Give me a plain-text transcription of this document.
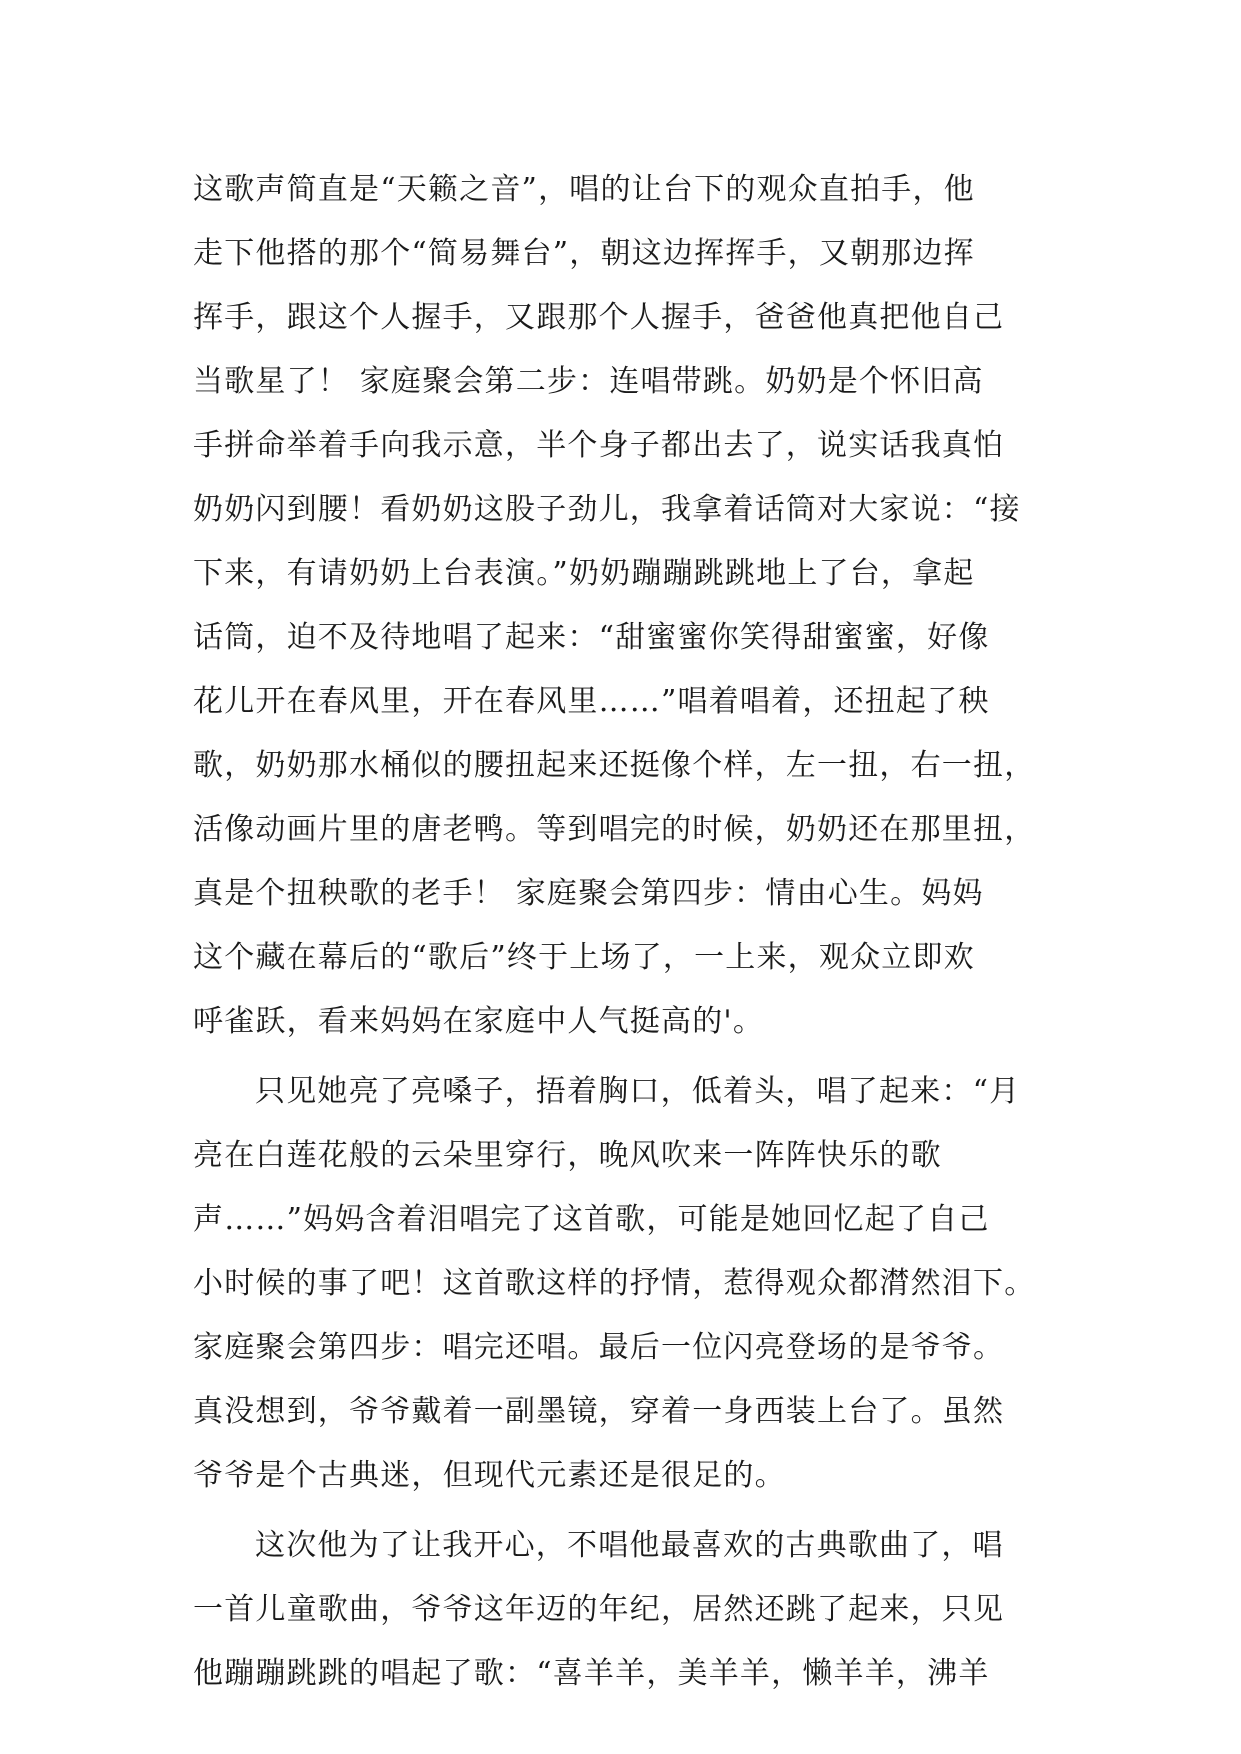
这歌声简直是“天籁之音”，唱的让台下的观众直拍手，他
走下他搭的那个“简易舞台”，朝这边挥挥手，又朝那边挥
挥手，跟这个人握手，又跟那个人握手，爸爸他真把他自己
当歌星了！ 家庭聚会第二步：连唱带跳。奶奶是个怀旧高
手拼命举着手向我示意，半个身子都出去了，说实话我真怕
奶奶闪到腰！看奶奶这股子劲儿，我拿着话筒对大家说：“接
下来，有请奶奶上台表演。”奶奶蹦蹦跳跳地上了台，拿起
话筒，迫不及待地唱了起来：“甜蜜蜜你笑得甜蜜蜜，好像
花儿开在春风里，开在春风里……”唱着唱着，还扭起了秧
歌，奶奶那水桶似的腰扭起来还挺像个样，左一扭，右一扭，
活像动画片里的唐老鸭。等到唱完的时候，奶奶还在那里扭，
真是个扭秧歌的老手！ 家庭聚会第四步：情由心生。妈妈
这个藏在幕后的“歌后”终于上场了，一上来，观众立即欢
呼雀跃，看来妈妈在家庭中人气挺高的'。
只见她亮了亮嗓子，捂着胸口，低着头，唱了起来：“月
亮在白莲花般的云朵里穿行，晚风吹来一阵阵快乐的歌
声……”妈妈含着泪唱完了这首歌，可能是她回忆起了自己
小时候的事了吧！这首歌这样的抒情，惹得观众都潸然泪下。
家庭聚会第四步：唱完还唱。最后一位闪亮登场的是爷爷。
真没想到，爷爷戴着一副墨镜，穿着一身西装上台了。虽然
爷爷是个古典迷，但现代元素还是很足的。
这次他为了让我开心，不唱他最喜欢的古典歌曲了，唱
一首儿童歌曲，爷爷这年迈的年纪，居然还跳了起来，只见
他蹦蹦跳跳的唱起了歌：“喜羊羊，美羊羊，懒羊羊，沸羊
